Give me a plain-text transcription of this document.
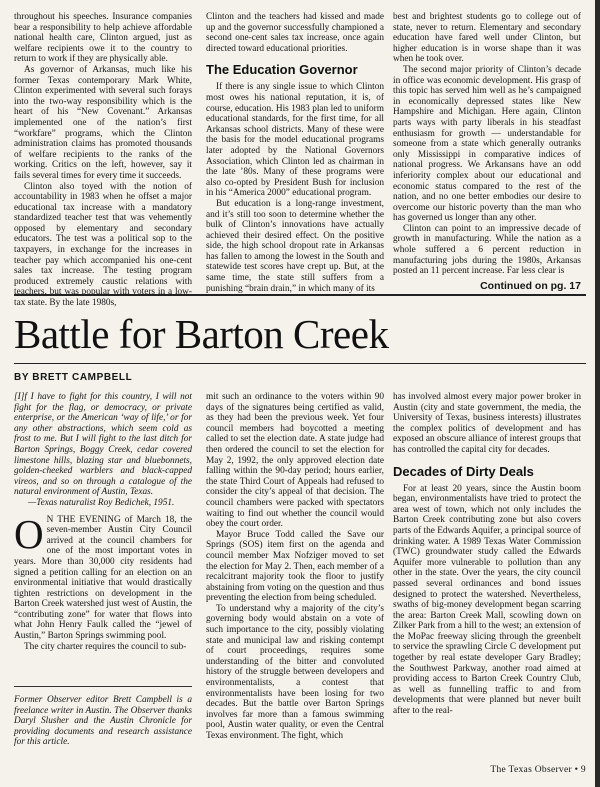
throughout his speeches. Insurance companies bear a responsibility to help achieve affordable national health care, Clinton argued, just as welfare recipients owe it to the country to return to work if they are physically able.

As governor of Arkansas, much like his former Texas contemporary Mark White, Clinton experimented with several such forays into the two-way responsibility which is the heart of his “New Covenant.” Arkansas implemented one of the nation’s first “workfare” programs, which the Clinton administration claims has promoted thousands of welfare recipients to the ranks of the working. Critics on the left, however, say it fails several times for every time it succeeds.

Clinton also toyed with the notion of accountability in 1983 when he offset a major educational tax increase with a mandatory standardized teacher test that was vehemently opposed by elementary and secondary educators. The test was a political sop to the taxpayers, in exchange for the increases in teacher pay which accompanied his one-cent sales tax increase. The testing program produced extremely caustic relations with teachers, but was popular with voters in a low-tax state. By the late 1980s,

Clinton and the teachers had kissed and made up and the governor successfully championed a second one-cent sales tax increase, once again directed toward educational priorities.

The Education Governor

If there is any single issue to which Clinton most owes his national reputation, it is, of course, education. His 1983 plan led to uniform educational standards, for the first time, for all Arkansas school districts. Many of these were the basis for the model educational programs later adopted by the National Governors Association, which Clinton led as chairman in the late ’80s. Many of these programs were also co-opted by President Bush for inclusion in his “America 2000” educational program.

But education is a long-range investment, and it’s still too soon to determine whether the bulk of Clinton’s innovations have actually achieved their desired effect. On the positive side, the high school dropout rate in Arkansas has fallen to among the lowest in the South and statewide test scores have crept up. But, at the same time, the state still suffers from a punishing “brain drain,” in which many of its

best and brightest students go to college out of state, never to return. Elementary and secondary education have fared well under Clinton, but higher education is in worse shape than it was when he took over.

The second major priority of Clinton’s decade in office was economic development. His grasp of this topic has served him well as he’s campaigned in economically depressed states like New Hampshire and Michigan. Here again, Clinton parts ways with party liberals in his steadfast enthusiasm for growth — understandable for someone from a state which generally outranks only Mississippi in comparative indices of national progress. We Arkansans have an odd inferiority complex about our educational and economic status compared to the rest of the nation, and no one better embodies our desire to overcome our historic poverty than the man who has governed us longer than any other.

Clinton can point to an impressive decade of growth in manufacturing. While the nation as a whole suffered a 6 percent reduction in manufacturing jobs during the 1980s, Arkansas posted an 11 percent increase. Far less clear is

Continued on pg. 17
Battle for Barton Creek
BY BRETT CAMPBELL

[I]f I have to fight for this country, I will not fight for the flag, or democracy, or private enterprise, or the American ‘way of life,’ or for any other abstractions, which seem cold as frost to me. But I will fight to the last ditch for Barton Springs, Boggy Creek, cedar covered limestone hills, blazing star and bluebonnets, golden-cheeked warblers and black-capped vireos, and so on through a catalogue of the natural environment of Austin, Texas.

—Texas naturalist Roy Bedichek, 1951.

O N THE EVENING of March 18, the seven-member Austin City Council arrived at the council chambers for one of the most important votes in years. More than 30,000 city residents had signed a petition calling for an election on an environmental initiative that would drastically tighten restrictions on development in the Barton Creek watershed just west of Austin, the “contributing zone” for water that flows into what John Henry Faulk called the “jewel of Austin,” Barton Springs swimming pool.

The city charter requires the council to sub-

Former Observer editor Brett Campbell is a freelance writer in Austin. The Observer thanks Daryl Slusher and the Austin Chronicle for providing documents and research assistance for this article.

mit such an ordinance to the voters within 90 days of the signatures being certified as valid, as they had been the previous week. Yet four council members had boycotted a meeting called to set the election date. A state judge had then ordered the council to set the election for May 2, 1992, the only approved election date falling within the 90-day period; hours earlier, the state Third Court of Appeals had refused to consider the city’s appeal of that decision. The council chambers were packed with spectators waiting to find out whether the council would obey the court order.

Mayor Bruce Todd called the Save our Springs (SOS) item first on the agenda and council member Max Nofziger moved to set the election for May 2. Then, each member of a recalcitrant majority took the floor to justify abstaining from voting on the question and thus preventing the election from being scheduled.

To understand why a majority of the city’s governing body would abstain on a vote of such importance to the city, possibly violating state and municipal law and risking contempt of court proceedings, requires some understanding of the bitter and convoluted history of the struggle between developers and environmentalists, a contest that environmentalists have been losing for two decades. But the battle over Barton Springs involves far more than a famous swimming pool, Austin water quality, or even the Central Texas environment. The fight, which

has involved almost every major power broker in Austin (city and state government, the media, the University of Texas, business interests) illustrates the complex politics of development and has exposed an obscure alliance of interest groups that has controlled the capital city for decades.

Decades of Dirty Deals

For at least 20 years, since the Austin boom began, environmentalists have tried to protect the area west of town, which not only includes the Barton Creek contributing zone but also covers parts of the Edwards Aquifer, a principal source of drinking water. A 1989 Texas Water Commission (TWC) groundwater study called the Edwards Aquifer more vulnerable to pollution than any other in the state. Over the years, the city council passed several ordinances and bond issues designed to protect the watershed. Nevertheless, swaths of big-money development began scarring the area: Barton Creek Mall, scowling down on Zilker Park from a hill to the west; an extension of the MoPac freeway slicing through the greenbelt to service the sprawling Circle C development put together by real estate developer Gary Bradley; the Southwest Parkway, another road aimed at providing access to Barton Creek Country Club, as well as funnelling traffic to and from developments that were planned but never built after to the real-

The Texas Observer • 9
